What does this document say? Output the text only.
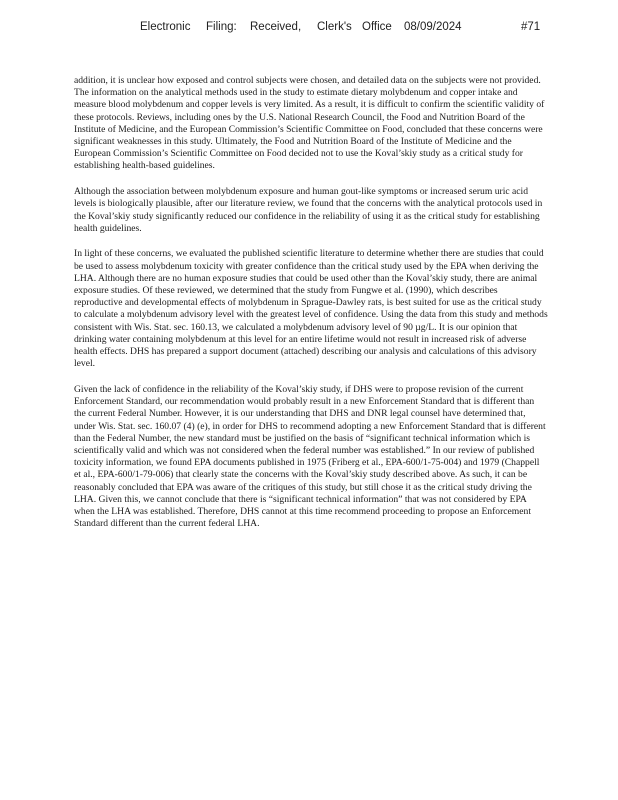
Electronic Filing: Received, Clerk's Office 08/09/2024	#71

addition, it is unclear how exposed and control subjects were chosen, and detailed data on the subjects were not provided. The information on the analytical methods used in the study to estimate dietary molybdenum and copper intake and measure blood molybdenum and copper levels is very limited. As a result, it is difficult to confirm the scientific validity of these protocols. Reviews, including ones by the U.S. National Research Council, the Food and Nutrition Board of the Institute of Medicine, and the European Commission’s Scientific Committee on Food, concluded that these concerns were significant weaknesses in this study. Ultimately, the Food and Nutrition Board of the Institute of Medicine and the European Commission’s Scientific Committee on Food decided not to use the Koval’skiy study as a critical study for establishing health-based guidelines.

Although the association between molybdenum exposure and human gout-like symptoms or increased serum uric acid levels is biologically plausible, after our literature review, we found that the concerns with the analytical protocols used in the Koval’skiy study significantly reduced our confidence in the reliability of using it as the critical study for establishing health guidelines.

In light of these concerns, we evaluated the published scientific literature to determine whether there are studies that could be used to assess molybdenum toxicity with greater confidence than the critical study used by the EPA when deriving the LHA. Although there are no human exposure studies that could be used other than the Koval’skiy study, there are animal exposure studies. Of these reviewed, we determined that the study from Fungwe et al. (1990), which describes reproductive and developmental effects of molybdenum in Sprague-Dawley rats, is best suited for use as the critical study to calculate a molybdenum advisory level with the greatest level of confidence. Using the data from this study and methods consistent with Wis. Stat. sec. 160.13, we calculated a molybdenum advisory level of 90 µg/L. It is our opinion that drinking water containing molybdenum at this level for an entire lifetime would not result in increased risk of adverse health effects. DHS has prepared a support document (attached) describing our analysis and calculations of this advisory level.

Given the lack of confidence in the reliability of the Koval’skiy study, if DHS were to propose revision of the current Enforcement Standard, our recommendation would probably result in a new Enforcement Standard that is different than the current Federal Number. However, it is our understanding that DHS and DNR legal counsel have determined that, under Wis. Stat. sec. 160.07 (4) (e), in order for DHS to recommend adopting a new Enforcement Standard that is different than the Federal Number, the new standard must be justified on the basis of “significant technical information which is scientifically valid and which was not considered when the federal number was established.” In our review of published toxicity information, we found EPA documents published in 1975 (Friberg et al., EPA-600/1-75-004) and 1979 (Chappell et al., EPA-600/1-79-006) that clearly state the concerns with the Koval’skiy study described above. As such, it can be reasonably concluded that EPA was aware of the critiques of this study, but still chose it as the critical study driving the LHA. Given this, we cannot conclude that there is “significant technical information” that was not considered by EPA when the LHA was established. Therefore, DHS cannot at this time recommend proceeding to propose an Enforcement Standard different than the current federal LHA.
